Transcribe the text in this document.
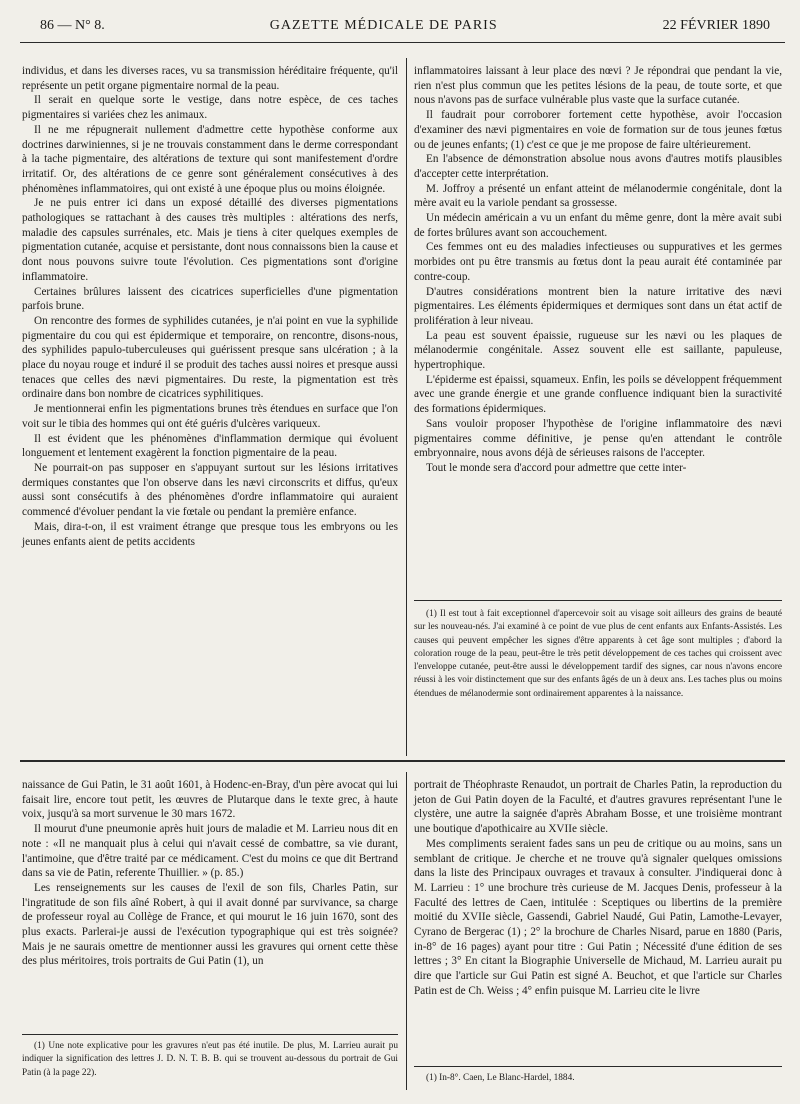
86 — N° 8.	GAZETTE MÉDICALE DE PARIS	22 FÉVRIER 1890

individus, et dans les diverses races, vu sa transmission héréditaire fréquente, qu'il représente un petit organe pigmentaire normal de la peau.

Il serait en quelque sorte le vestige, dans notre espèce, de ces taches pigmentaires si variées chez les animaux.

Il ne me répugnerait nullement d'admettre cette hypothèse conforme aux doctrines darwiniennes, si je ne trouvais constamment dans le derme correspondant à la tache pigmentaire, des altérations de texture qui sont manifestement d'ordre irritatif. Or, des altérations de ce genre sont généralement consécutives à des phénomènes inflammatoires, qui ont existé à une époque plus ou moins éloignée.

Je ne puis entrer ici dans un exposé détaillé des diverses pigmentations pathologiques se rattachant à des causes très multiples : altérations des nerfs, maladie des capsules surrénales, etc. Mais je tiens à citer quelques exemples de pigmentation cutanée, acquise et persistante, dont nous connaissons bien la cause et dont nous pouvons suivre toute l'évolution. Ces pigmentations sont d'origine inflammatoire.

Certaines brûlures laissent des cicatrices superficielles d'une pigmentation parfois brune.

On rencontre des formes de syphilides cutanées, je n'ai point en vue la syphilide pigmentaire du cou qui est épidermique et temporaire, on rencontre, disons-nous, des syphilides papulo-tuberculeuses qui guérissent presque sans ulcération ; à la place du noyau rouge et induré il se produit des taches aussi noires et presque aussi tenaces que celles des nævi pigmentaires. Du reste, la pigmentation est très ordinaire dans bon nombre de cicatrices syphilitiques.

Je mentionnerai enfin les pigmentations brunes très étendues en surface que l'on voit sur le tibia des hommes qui ont été guéris d'ulcères variqueux.

Il est évident que les phénomènes d'inflammation dermique qui évoluent longuement et lentement exagèrent la fonction pigmentaire de la peau.

Ne pourrait-on pas supposer en s'appuyant surtout sur les lésions irritatives dermiques constantes que l'on observe dans les nævi circonscrits et diffus, qu'eux aussi sont consécutifs à des phénomènes d'ordre inflammatoire qui auraient commencé d'évoluer pendant la vie fœtale ou pendant la première enfance.

Mais, dira-t-on, il est vraiment étrange que presque tous les embryons ou les jeunes enfants aient de petits accidents

inflammatoires laissant à leur place des nœvi ? Je répondrai que pendant la vie, rien n'est plus commun que les petites lésions de la peau, de toute sorte, et que nous n'avons pas de surface vulnérable plus vaste que la surface cutanée.

Il faudrait pour corroborer fortement cette hypothèse, avoir l'occasion d'examiner des nævi pigmentaires en voie de formation sur de tous jeunes fœtus ou de jeunes enfants; (1) c'est ce que je me propose de faire ultérieurement.

En l'absence de démonstration absolue nous avons d'autres motifs plausibles d'accepter cette interprétation.

M. Joffroy a présenté un enfant atteint de mélanodermie congénitale, dont la mère avait eu la variole pendant sa grossesse.

Un médecin américain a vu un enfant du même genre, dont la mère avait subi de fortes brûlures avant son accouchement.

Ces femmes ont eu des maladies infectieuses ou suppuratives et les germes morbides ont pu être transmis au fœtus dont la peau aurait été contaminée par contre-coup.

D'autres considérations montrent bien la nature irritative des nævi pigmentaires. Les éléments épidermiques et dermiques sont dans un état actif de prolifération à leur niveau.

La peau est souvent épaissie, rugueuse sur les nævi ou les plaques de mélanodermie congénitale. Assez souvent elle est saillante, papuleuse, hypertrophique.

L'épiderme est épaissi, squameux. Enfin, les poils se développent fréquemment avec une grande énergie et une grande confluence indiquant bien la suractivité des formations épidermiques.

Sans vouloir proposer l'hypothèse de l'origine inflammatoire des nævi pigmentaires comme définitive, je pense qu'en attendant le contrôle embryonnaire, nous avons déjà de sérieuses raisons de l'accepter.

Tout le monde sera d'accord pour admettre que cette inter-

(1) Il est tout à fait exceptionnel d'apercevoir soit au visage soit ailleurs des grains de beauté sur les nouveau-nés. J'ai examiné à ce point de vue plus de cent enfants aux Enfants-Assistés. Les causes qui peuvent empêcher les signes d'être apparents à cet âge sont multiples ; d'abord la coloration rouge de la peau, peut-être le très petit développement de ces taches qui croissent avec l'enveloppe cutanée, peut-être aussi le développement tardif des signes, car nous n'avons encore réussi à les voir distinctement que sur des enfants âgés de un à deux ans. Les taches plus ou moins étendues de mélanodermie sont ordinairement apparentes à la naissance.

naissance de Gui Patin, le 31 août 1601, à Hodenc-en-Bray, d'un père avocat qui lui faisait lire, encore tout petit, les œuvres de Plutarque dans le texte grec, à haute voix, jusqu'à sa mort survenue le 30 mars 1672.

Il mourut d'une pneumonie après huit jours de maladie et M. Larrieu nous dit en note : «Il ne manquait plus à celui qui n'avait cessé de combattre, sa vie durant, l'antimoine, que d'être traité par ce médicament. C'est du moins ce que dit Bertrand dans sa vie de Patin, referente Thuillier. » (p. 85.)

Les renseignements sur les causes de l'exil de son fils, Charles Patin, sur l'ingratitude de son fils aîné Robert, à qui il avait donné par survivance, sa charge de professeur royal au Collège de France, et qui mourut le 16 juin 1670, sont des plus exacts. Parlerai-je aussi de l'exécution typographique qui est très soignée? Mais je ne saurais omettre de mentionner aussi les gravures qui ornent cette thèse des plus méritoires, trois portraits de Gui Patin (1), un

(1) Une note explicative pour les gravures n'eut pas été inutile. De plus, M. Larrieu aurait pu indiquer la signification des lettres J. D. N. T. B. B. qui se trouvent au-dessous du portrait de Gui Patin (à la page 22).

portrait de Théophraste Renaudot, un portrait de Charles Patin, la reproduction du jeton de Gui Patin doyen de la Faculté, et d'autres gravures représentant l'une le clystère, une autre la saignée d'après Abraham Bosse, et une troisième montrant une boutique d'apothicaire au XVIIe siècle.

Mes compliments seraient fades sans un peu de critique ou au moins, sans un semblant de critique. Je cherche et ne trouve qu'à signaler quelques omissions dans la liste des Principaux ouvrages et travaux à consulter. J'indiquerai donc à M. Larrieu : 1° une brochure très curieuse de M. Jacques Denis, professeur à la Faculté des lettres de Caen, intitulée : Sceptiques ou libertins de la première moitié du XVIIe siècle, Gassendi, Gabriel Naudé, Gui Patin, Lamothe-Levayer, Cyrano de Bergerac (1) ; 2° la brochure de Charles Nisard, parue en 1880 (Paris, in-8° de 16 pages) ayant pour titre : Gui Patin ; Nécessité d'une édition de ses lettres ; 3° En citant la Biographie Universelle de Michaud, M. Larrieu aurait pu dire que l'article sur Gui Patin est signé A. Beuchot, et que l'article sur Charles Patin est de Ch. Weiss ; 4° enfin puisque M. Larrieu cite le livre

(1) In-8°. Caen, Le Blanc-Hardel, 1884.
